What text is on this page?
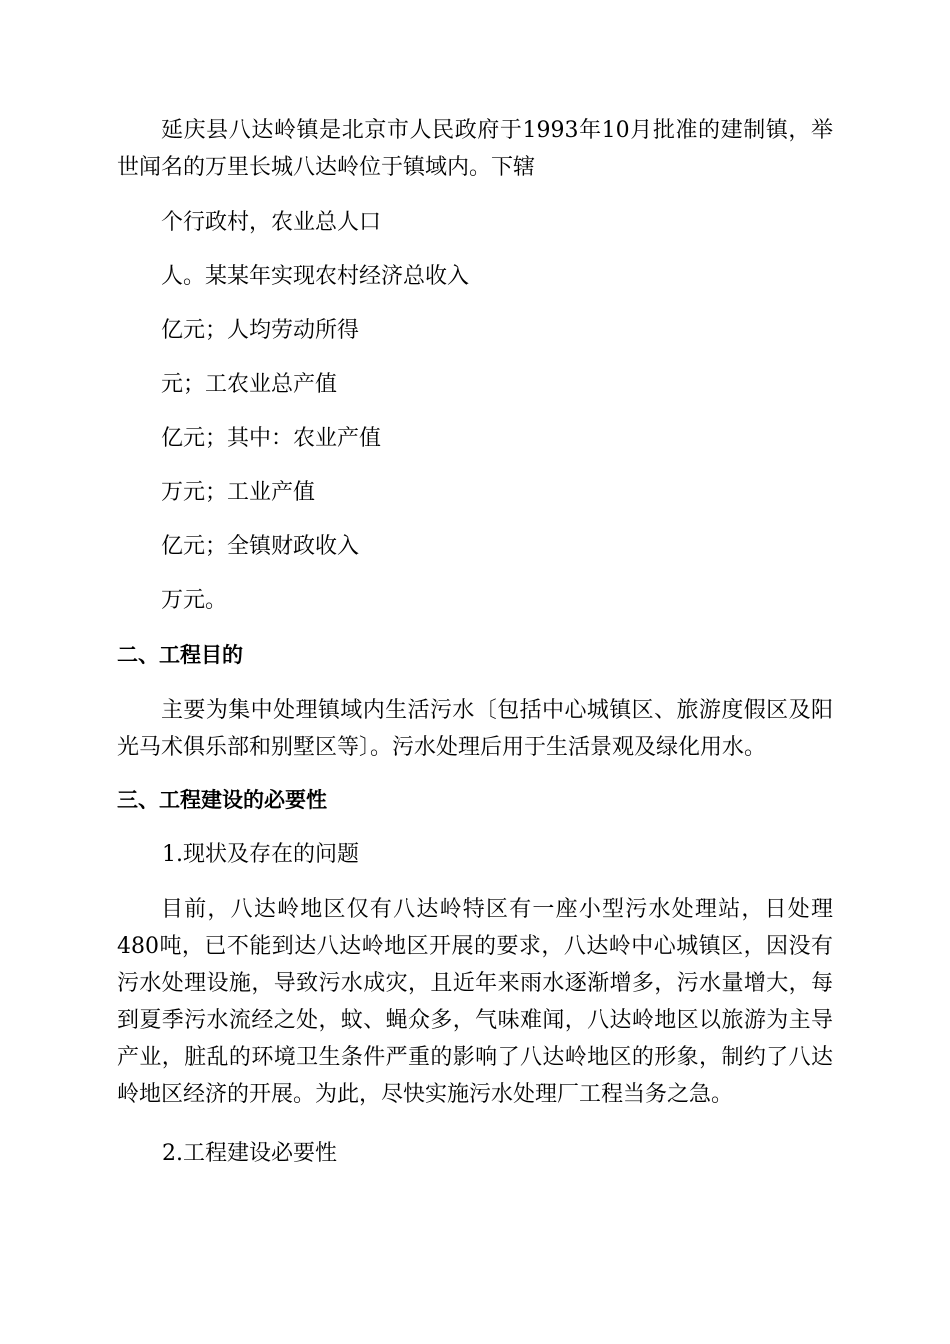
延庆县八达岭镇是北京市人民政府于1993年10月批准的建制镇，举世闻名的万里长城八达岭位于镇域内。下辖

个行政村，农业总人口

人。某某年实现农村经济总收入

亿元；人均劳动所得

元；工农业总产值

亿元；其中：农业产值

万元；工业产值

亿元；全镇财政收入

万元。

二、工程目的

主要为集中处理镇域内生活污水〔包括中心城镇区、旅游度假区及阳光马术俱乐部和别墅区等〕。污水处理后用于生活景观及绿化用水。

三、工程建设的必要性

1.现状及存在的问题

目前，八达岭地区仅有八达岭特区有一座小型污水处理站，日处理480吨，已不能到达八达岭地区开展的要求，八达岭中心城镇区，因没有污水处理设施，导致污水成灾，且近年来雨水逐渐增多，污水量增大，每到夏季污水流经之处，蚊、蝇众多，气味难闻，八达岭地区以旅游为主导产业，脏乱的环境卫生条件严重的影响了八达岭地区的形象，制约了八达岭地区经济的开展。为此，尽快实施污水处理厂工程当务之急。

2.工程建设必要性
